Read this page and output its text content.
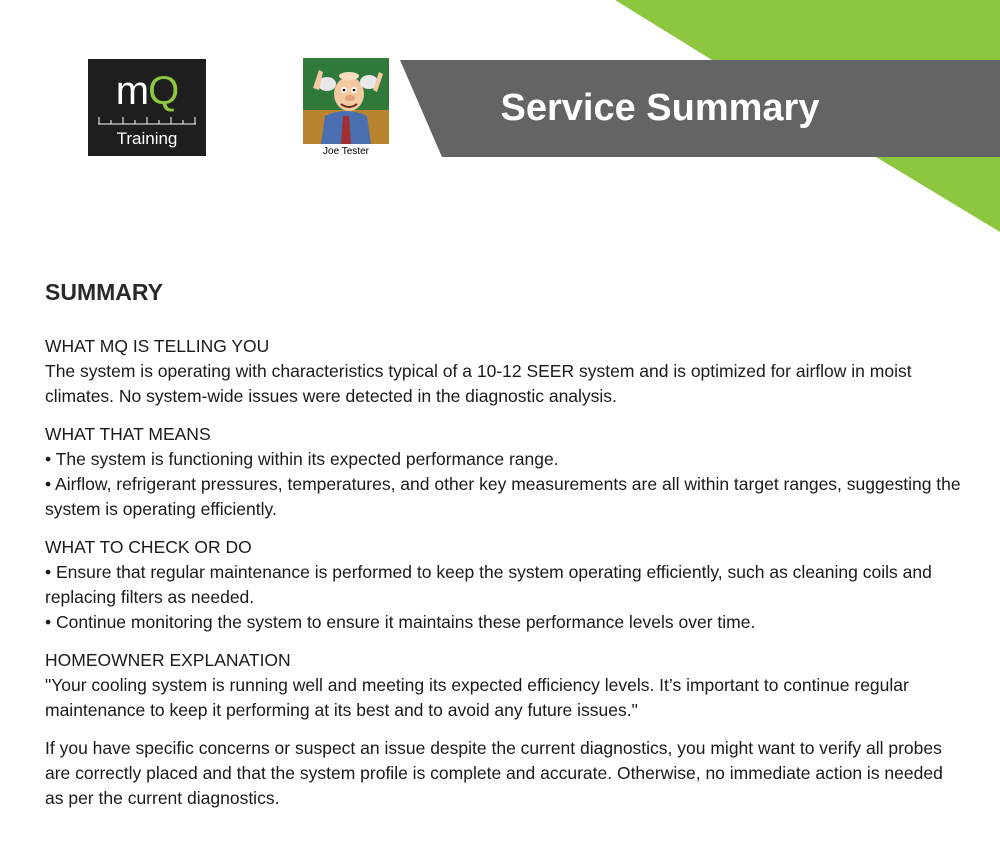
mQ
Training
Joe Tester
Service Summary
SUMMARY
WHAT MQ IS TELLING YOU

The system is operating with characteristics typical of a 10-12 SEER system and is optimized for airflow in moist climates. No system-wide issues were detected in the diagnostic analysis.

WHAT THAT MEANS

• The system is functioning within its expected performance range.

• Airflow, refrigerant pressures, temperatures, and other key measurements are all within target ranges, suggesting the system is operating efficiently.

WHAT TO CHECK OR DO

• Ensure that regular maintenance is performed to keep the system operating efficiently, such as cleaning coils and replacing filters as needed.

• Continue monitoring the system to ensure it maintains these performance levels over time.

HOMEOWNER EXPLANATION

"Your cooling system is running well and meeting its expected efficiency levels. It’s important to continue regular maintenance to keep it performing at its best and to avoid any future issues."

If you have specific concerns or suspect an issue despite the current diagnostics, you might want to verify all probes are correctly placed and that the system profile is complete and accurate. Otherwise, no immediate action is needed as per the current diagnostics.
